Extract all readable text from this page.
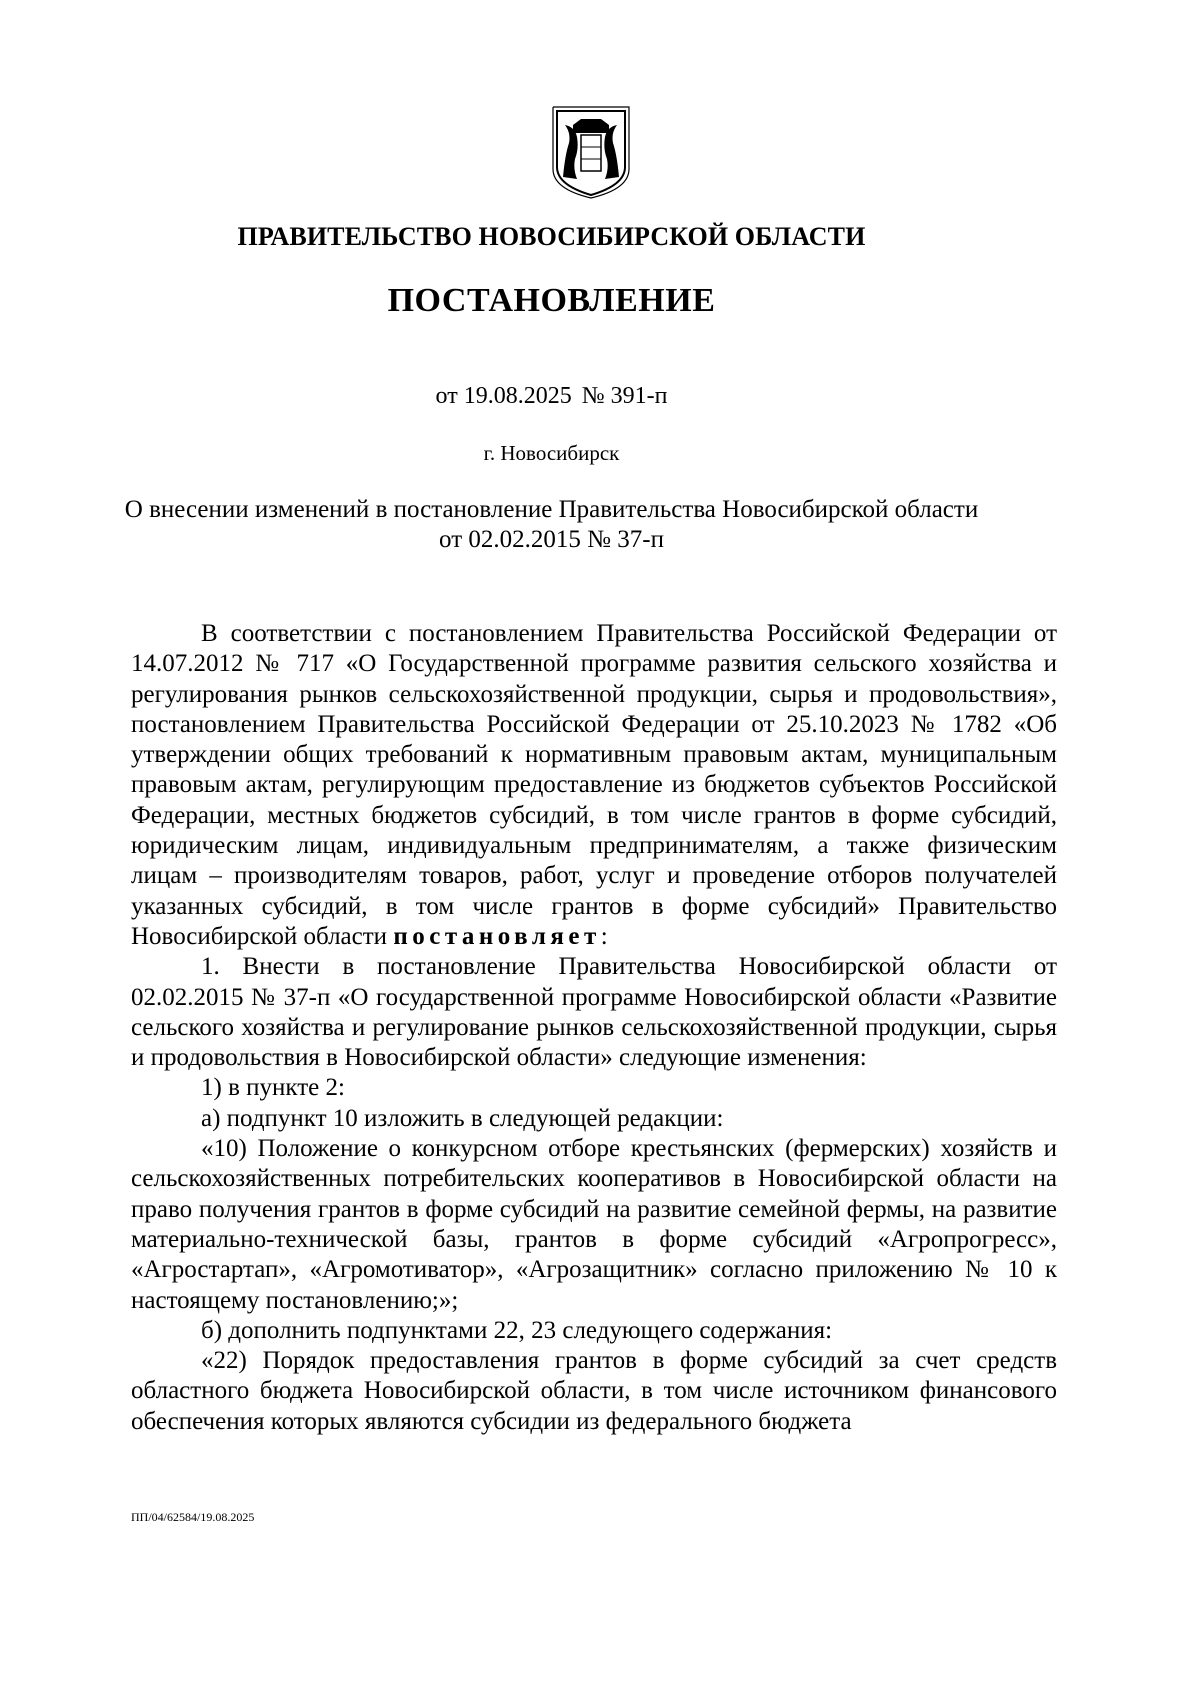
ПРАВИТЕЛЬСТВО НОВОСИБИРСКОЙ ОБЛАСТИ
ПОСТАНОВЛЕНИЕ
от 19.08.2025 № 391-п
г. Новосибирск
О внесении изменений в постановление Правительства Новосибирской области
от 02.02.2015 № 37-п

В соответствии с постановлением Правительства Российской Федерации от 14.07.2012 № 717 «О Государственной программе развития сельского хозяйства и регулирования рынков сельскохозяйственной продукции, сырья и продовольствия», постановлением Правительства Российской Федерации от 25.10.2023 № 1782 «Об утверждении общих требований к нормативным правовым актам, муниципальным правовым актам, регулирующим предоставление из бюджетов субъектов Российской Федерации, местных бюджетов субсидий, в том числе грантов в форме субсидий, юридическим лицам, индивидуальным предпринимателям, а также физическим лицам – производителям товаров, работ, услуг и проведение отборов получателей указанных субсидий, в том числе грантов в форме субсидий» Правительство Новосибирской области постановляет:

1. Внести в постановление Правительства Новосибирской области от 02.02.2015 № 37-п «О государственной программе Новосибирской области «Развитие сельского хозяйства и регулирование рынков сельскохозяйственной продукции, сырья и продовольствия в Новосибирской области» следующие изменения:

1) в пункте 2:

а) подпункт 10 изложить в следующей редакции:

«10) Положение о конкурсном отборе крестьянских (фермерских) хозяйств и сельскохозяйственных потребительских кооперативов в Новосибирской области на право получения грантов в форме субсидий на развитие семейной фермы, на развитие материально-технической базы, грантов в форме субсидий «Агропрогресс», «Агростартап», «Агромотиватор», «Агрозащитник» согласно приложению № 10 к настоящему постановлению;»;

б) дополнить подпунктами 22, 23 следующего содержания:

«22) Порядок предоставления грантов в форме субсидий за счет средств областного бюджета Новосибирской области, в том числе источником финансового обеспечения которых являются субсидии из федерального бюджета

ПП/04/62584/19.08.2025
